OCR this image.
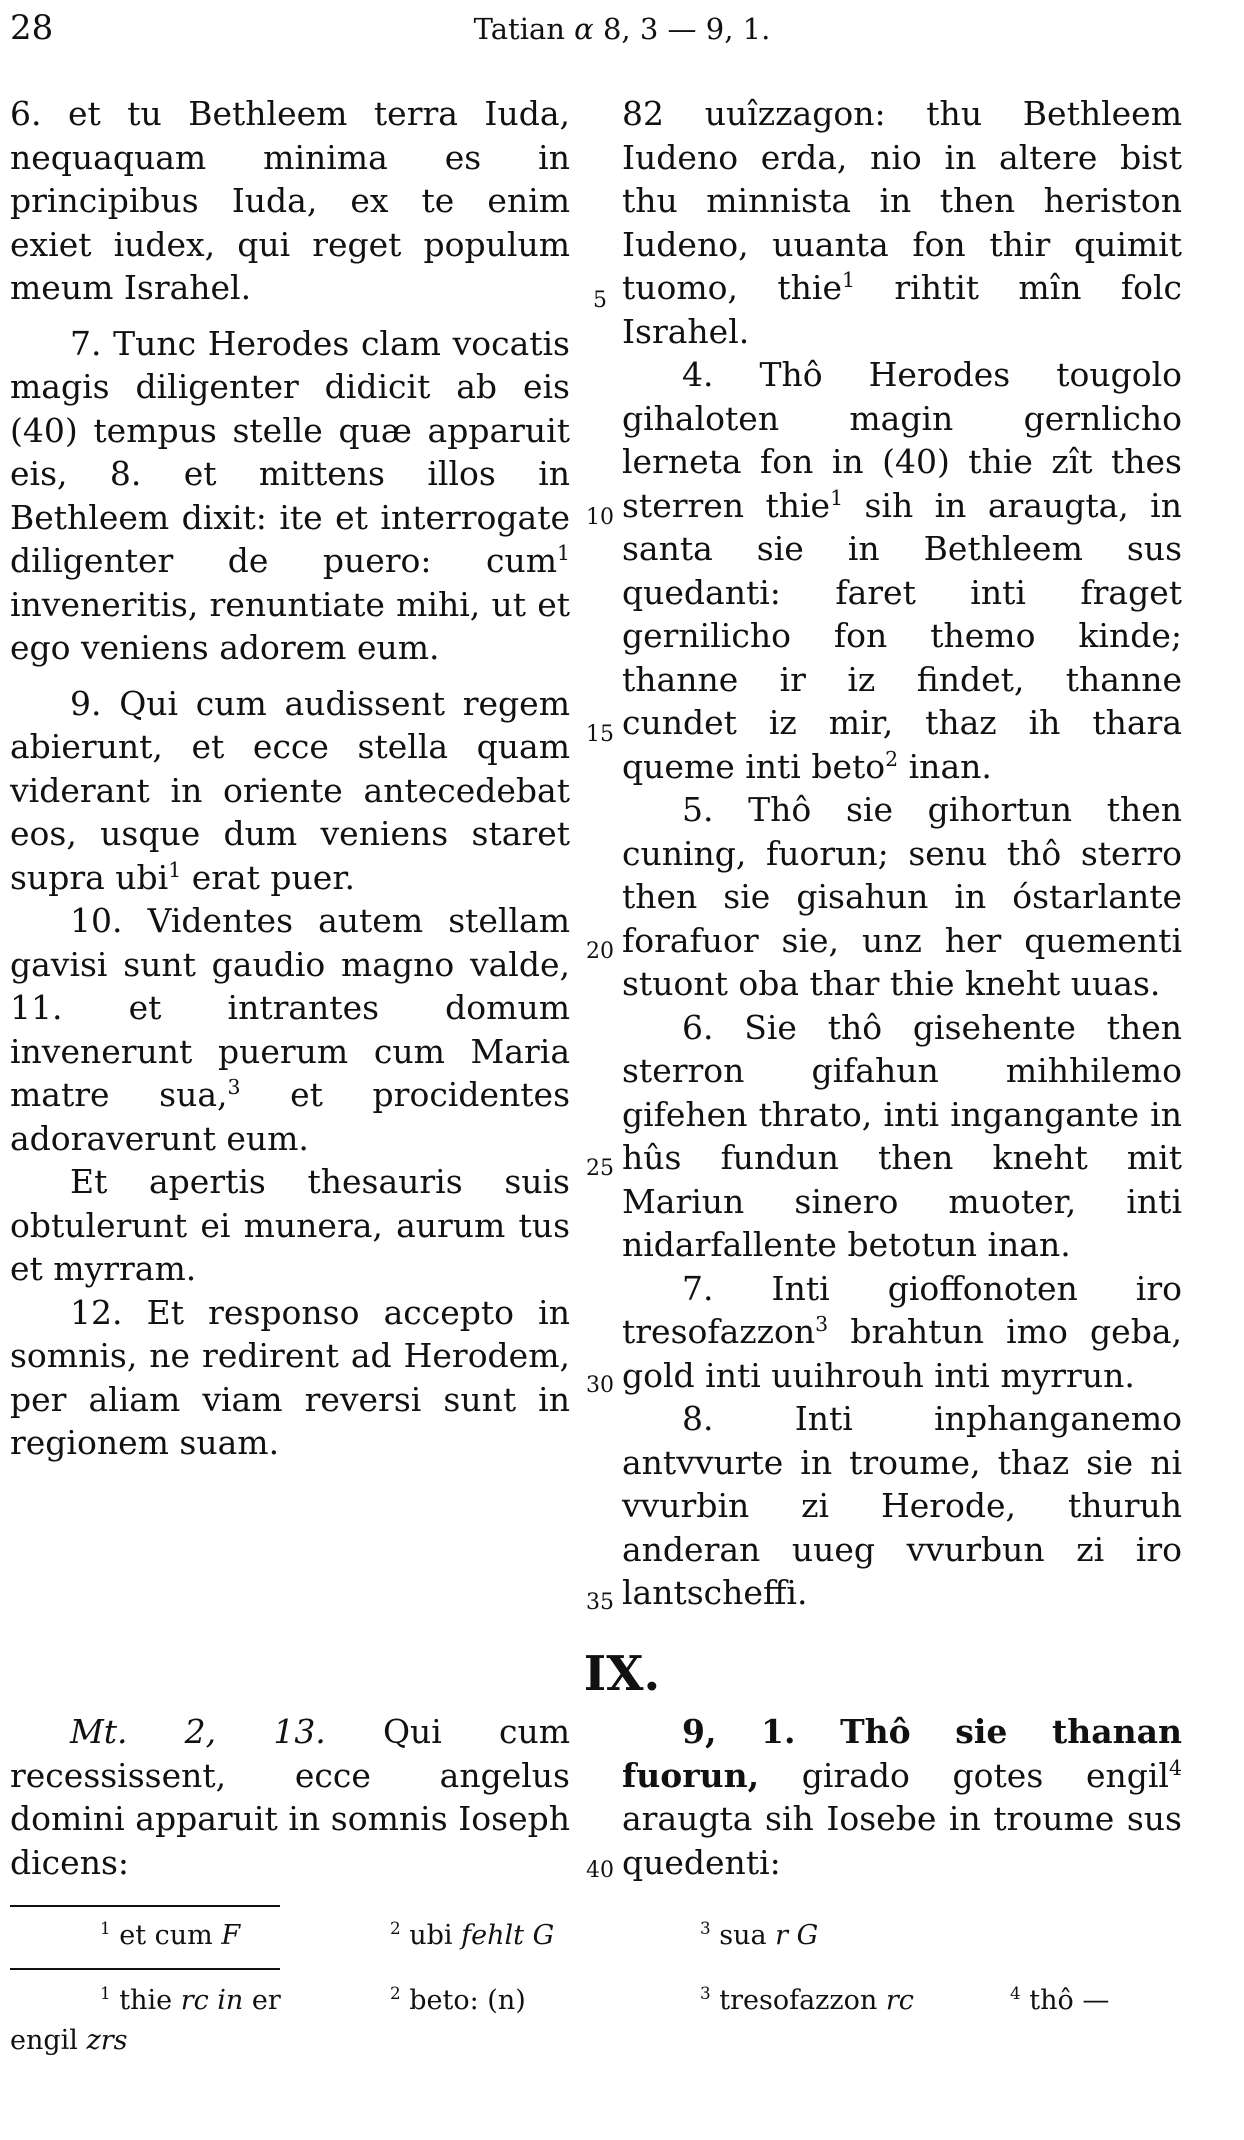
28	Tatian α 8, 3 — 9, 1.

6. et tu Bethleem terra Iuda, nequaquam minima es in principibus Iuda, ex te enim exiet iudex, qui reget populum meum Israhel.

7. Tunc Herodes clam vocatis magis diligenter didicit ab eis (40) tempus stelle quæ apparuit eis, 8. et mittens illos in Bethleem dixit: ite et interrogate diligenter de puero: cum$^1$ inveneritis, renuntiate mihi, ut et ego veniens adorem eum.

9. Qui cum audissent regem abierunt, et ecce stella quam viderant in oriente antecedebat eos, usque dum veniens staret supra ubi$^1$ erat puer.

10. Videntes autem stellam gavisi sunt gaudio magno valde, 11. et intrantes domum invenerunt puerum cum Maria matre sua,$^3$ et procidentes adoraverunt eum.

Et apertis thesauris suis obtulerunt ei munera, aurum tus et myrram.

12. Et responso accepto in somnis, ne redirent ad Herodem, per aliam viam reversi sunt in regionem suam.

82 uuîzzagon: thu Bethleem Iudeno erda, nio in altere bist thu minnista in then heriston Iudeno, uuanta fon thir quimit tuomo, thie$^1$ rihtit mîn folc Israhel.

4. Thô Herodes tougolo gihaloten magin gernlicho lerneta fon in (40) thie zît thes sterren thie$^1$ sih in araugta, in santa sie in Bethleem sus quedanti: faret inti fraget gernilicho fon themo kinde; thanne ir iz findet, thanne cundet iz mir, thaz ih thara queme inti beto$^2$ inan.

5. Thô sie gihortun then cuning, fuorun; senu thô sterro then sie gisahun in óstarlante forafuor sie, unz her quementi stuont oba thar thie kneht uuas.

6. Sie thô gisehente then sterron gifahun mihhilemo gifehen thrato, inti ingangante in hûs fundun then kneht mit Mariun sinero muoter, inti nidarfallente betotun inan.

7. Inti gioffonoten iro tresofazzon$^3$ brahtun imo geba, gold inti uuihrouh inti myrrun.

8. Inti inphanganemo antvvurte in troume, thaz sie ni vvurbin zi Herode, thuruh anderan uueg vvurbun zi iro lantscheffi.

5
10
15
20
25
30
35
40
IX.

Mt. 2, 13. Qui cum recessissent, ecce angelus domini apparuit in somnis Ioseph dicens:

9, 1. Thô sie thanan fuorun, girado gotes engil$^4$ araugta sih Iosebe in troume sus quedenti:

$^1$ et cum F	$^2$ ubi fehlt G	$^3$ sua r G
$^1$ thie rc in er	$^2$ beto: (n)	$^3$ tresofazzon rc	$^4$ thô —
engil zrs
